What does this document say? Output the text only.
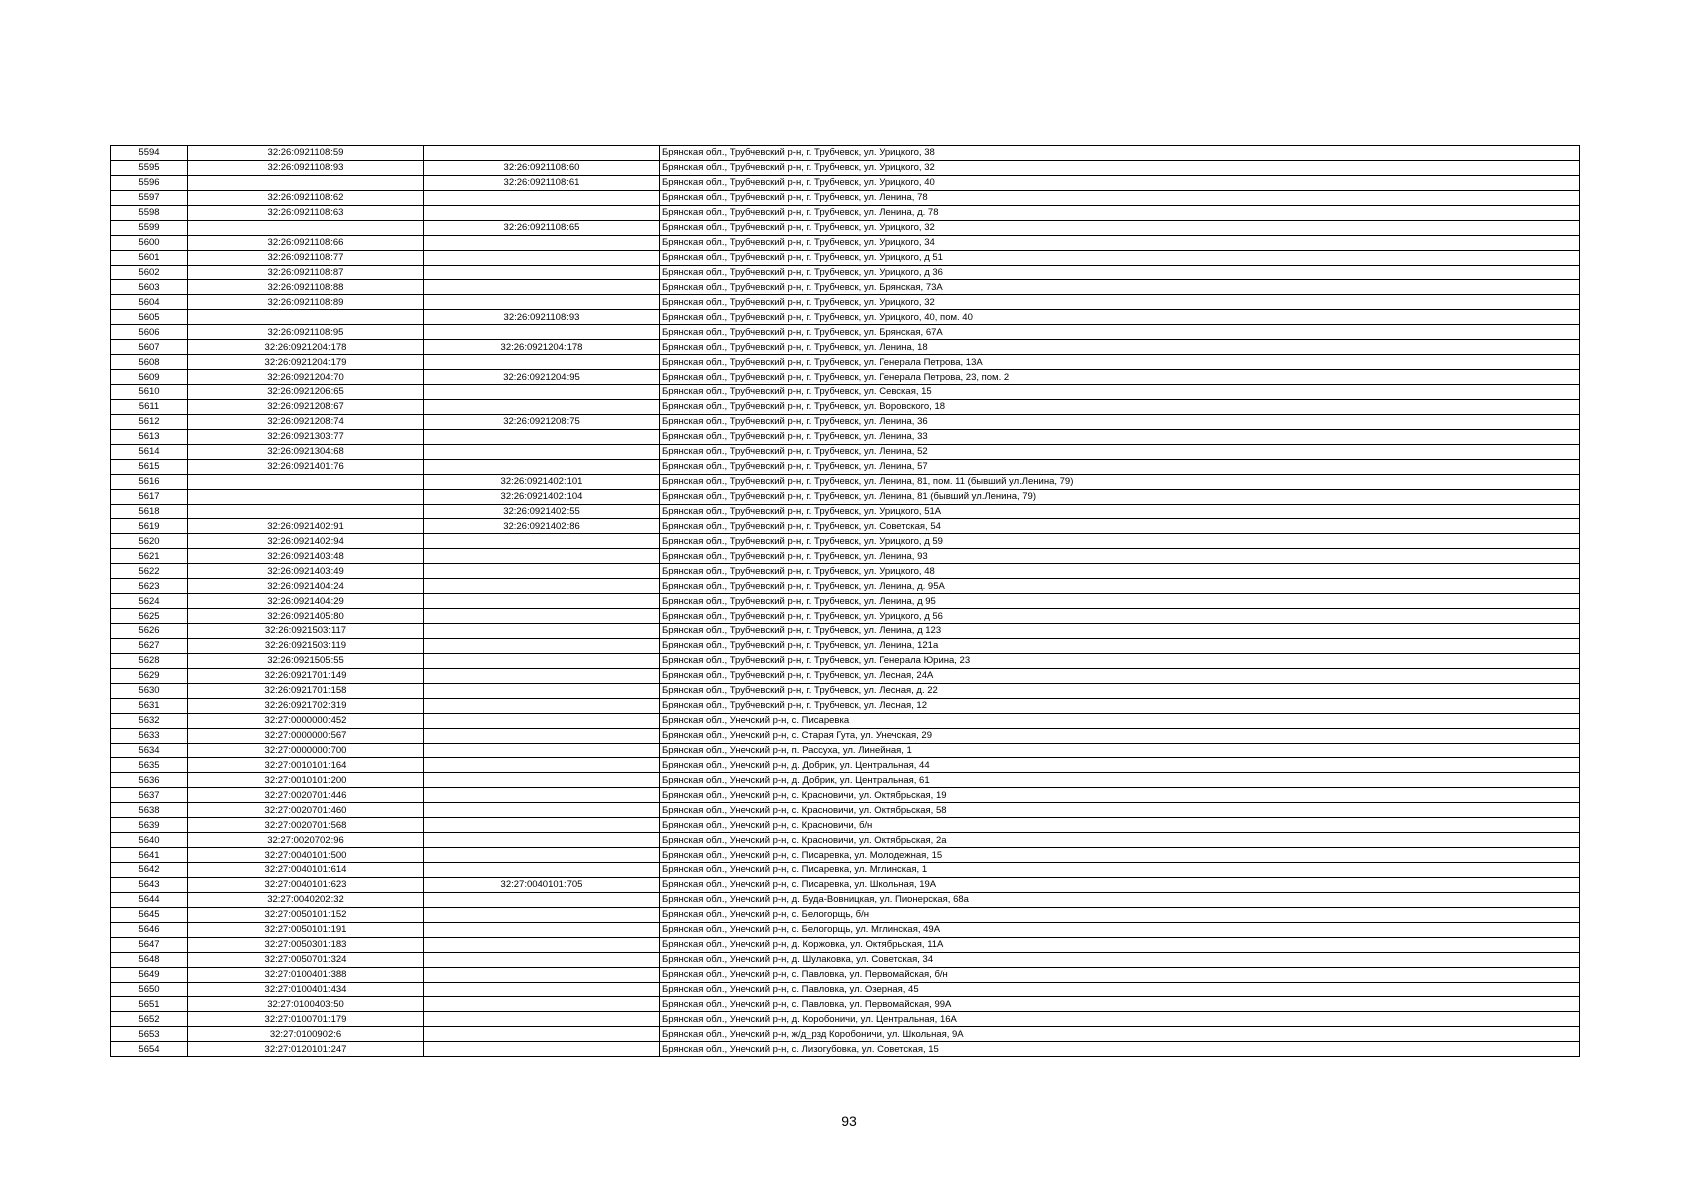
5594	32:26:0921108:59		Брянская обл., Трубчевский р-н, г. Трубчевск, ул. Урицкого, 38
5595	32:26:0921108:93	32:26:0921108:60	Брянская обл., Трубчевский р-н, г. Трубчевск, ул. Урицкого, 32
5596		32:26:0921108:61	Брянская обл., Трубчевский р-н, г. Трубчевск, ул. Урицкого, 40
5597	32:26:0921108:62		Брянская обл., Трубчевский р-н, г. Трубчевск, ул. Ленина, 78
5598	32:26:0921108:63		Брянская обл., Трубчевский р-н, г. Трубчевск, ул. Ленина, д. 78
5599		32:26:0921108:65	Брянская обл., Трубчевский р-н, г. Трубчевск, ул. Урицкого, 32
5600	32:26:0921108:66		Брянская обл., Трубчевский р-н, г. Трубчевск, ул. Урицкого, 34
5601	32:26:0921108:77		Брянская обл., Трубчевский р-н, г. Трубчевск, ул. Урицкого, д 51
5602	32:26:0921108:87		Брянская обл., Трубчевский р-н, г. Трубчевск, ул. Урицкого, д 36
5603	32:26:0921108:88		Брянская обл., Трубчевский р-н, г. Трубчевск, ул. Брянская, 73А
5604	32:26:0921108:89		Брянская обл., Трубчевский р-н, г. Трубчевск, ул. Урицкого, 32
5605		32:26:0921108:93	Брянская обл., Трубчевский р-н, г. Трубчевск, ул. Урицкого, 40, пом. 40
5606	32:26:0921108:95		Брянская обл., Трубчевский р-н, г. Трубчевск, ул. Брянская, 67А
5607	32:26:0921204:178	32:26:0921204:178	Брянская обл., Трубчевский р-н, г. Трубчевск, ул. Ленина, 18
5608	32:26:0921204:179		Брянская обл., Трубчевский р-н, г. Трубчевск, ул. Генерала Петрова, 13А
5609	32:26:0921204:70	32:26:0921204:95	Брянская обл., Трубчевский р-н, г. Трубчевск, ул. Генерала Петрова, 23, пом. 2
5610	32:26:0921206:65		Брянская обл., Трубчевский р-н, г. Трубчевск, ул. Севская, 15
5611	32:26:0921208:67		Брянская обл., Трубчевский р-н, г. Трубчевск, ул. Воровского, 18
5612	32:26:0921208:74	32:26:0921208:75	Брянская обл., Трубчевский р-н, г. Трубчевск, ул. Ленина, 36
5613	32:26:0921303:77		Брянская обл., Трубчевский р-н, г. Трубчевск, ул. Ленина, 33
5614	32:26:0921304:68		Брянская обл., Трубчевский р-н, г. Трубчевск, ул. Ленина, 52
5615	32:26:0921401:76		Брянская обл., Трубчевский р-н, г. Трубчевск, ул. Ленина, 57
5616		32:26:0921402:101	Брянская обл., Трубчевский р-н, г. Трубчевск, ул. Ленина, 81, пом. 11 (бывший ул.Ленина, 79)
5617		32:26:0921402:104	Брянская обл., Трубчевский р-н, г. Трубчевск, ул. Ленина, 81 (бывший ул.Ленина, 79)
5618		32:26:0921402:55	Брянская обл., Трубчевский р-н, г. Трубчевск, ул. Урицкого, 51А
5619	32:26:0921402:91	32:26:0921402:86	Брянская обл., Трубчевский р-н, г. Трубчевск, ул. Советская, 54
5620	32:26:0921402:94		Брянская обл., Трубчевский р-н, г. Трубчевск, ул. Урицкого, д 59
5621	32:26:0921403:48		Брянская обл., Трубчевский р-н, г. Трубчевск, ул. Ленина, 93
5622	32:26:0921403:49		Брянская обл., Трубчевский р-н, г. Трубчевск, ул. Урицкого, 48
5623	32:26:0921404:24		Брянская обл., Трубчевский р-н, г. Трубчевск, ул. Ленина, д. 95А
5624	32:26:0921404:29		Брянская обл., Трубчевский р-н, г. Трубчевск, ул. Ленина, д 95
5625	32:26:0921405:80		Брянская обл., Трубчевский р-н, г. Трубчевск, ул. Урицкого, д 56
5626	32:26:0921503:117		Брянская обл., Трубчевский р-н, г. Трубчевск, ул. Ленина, д 123
5627	32:26:0921503:119		Брянская обл., Трубчевский р-н, г. Трубчевск, ул. Ленина, 121а
5628	32:26:0921505:55		Брянская обл., Трубчевский р-н, г. Трубчевск, ул. Генерала Юрина, 23
5629	32:26:0921701:149		Брянская обл., Трубчевский р-н, г. Трубчевск, ул. Лесная, 24А
5630	32:26:0921701:158		Брянская обл., Трубчевский р-н, г. Трубчевск, ул. Лесная, д. 22
5631	32:26:0921702:319		Брянская обл., Трубчевский р-н, г. Трубчевск, ул. Лесная, 12
5632	32:27:0000000:452		Брянская обл., Унечский р-н, с. Писаревка
5633	32:27:0000000:567		Брянская обл., Унечский р-н, с. Старая Гута, ул. Унечская, 29
5634	32:27:0000000:700		Брянская обл., Унечский р-н, п. Рассуха, ул. Линейная, 1
5635	32:27:0010101:164		Брянская обл., Унечский р-н, д. Добрик, ул. Центральная, 44
5636	32:27:0010101:200		Брянская обл., Унечский р-н, д. Добрик, ул. Центральная, 61
5637	32:27:0020701:446		Брянская обл., Унечский р-н, с. Красновичи, ул. Октябрьская, 19
5638	32:27:0020701:460		Брянская обл., Унечский р-н, с. Красновичи, ул. Октябрьская, 58
5639	32:27:0020701:568		Брянская обл., Унечский р-н, с. Красновичи, б/н
5640	32:27:0020702:96		Брянская обл., Унечский р-н, с. Красновичи, ул. Октябрьская, 2а
5641	32:27:0040101:500		Брянская обл., Унечский р-н, с. Писаревка, ул. Молодежная, 15
5642	32:27:0040101:614		Брянская обл., Унечский р-н, с. Писаревка, ул. Мглинская, 1
5643	32:27:0040101:623	32:27:0040101:705	Брянская обл., Унечский р-н, с. Писаревка, ул. Школьная, 19А
5644	32:27:0040202:32		Брянская обл., Унечский р-н, д. Буда-Вовницкая, ул. Пионерская, 68а
5645	32:27:0050101:152		Брянская обл., Унечский р-н, с. Белогорщь, б/н
5646	32:27:0050101:191		Брянская обл., Унечский р-н, с. Белогорщь, ул. Мглинская, 49А
5647	32:27:0050301:183		Брянская обл., Унечский р-н, д. Коржовка, ул. Октябрьская, 11А
5648	32:27:0050701:324		Брянская обл., Унечский р-н, д. Шулаковка, ул. Советская, 34
5649	32:27:0100401:388		Брянская обл., Унечский р-н, с. Павловка, ул. Первомайская, б/н
5650	32:27:0100401:434		Брянская обл., Унечский р-н, с. Павловка, ул. Озерная, 45
5651	32:27:0100403:50		Брянская обл., Унечский р-н, с. Павловка, ул. Первомайская, 99А
5652	32:27:0100701:179		Брянская обл., Унечский р-н, д. Коробоничи, ул. Центральная, 16А
5653	32:27:0100902:6		Брянская обл., Унечский р-н, ж/д_рзд Коробоничи, ул. Школьная, 9А
5654	32:27:0120101:247		Брянская обл., Унечский р-н, с. Лизогубовка, ул. Советская, 15
93
